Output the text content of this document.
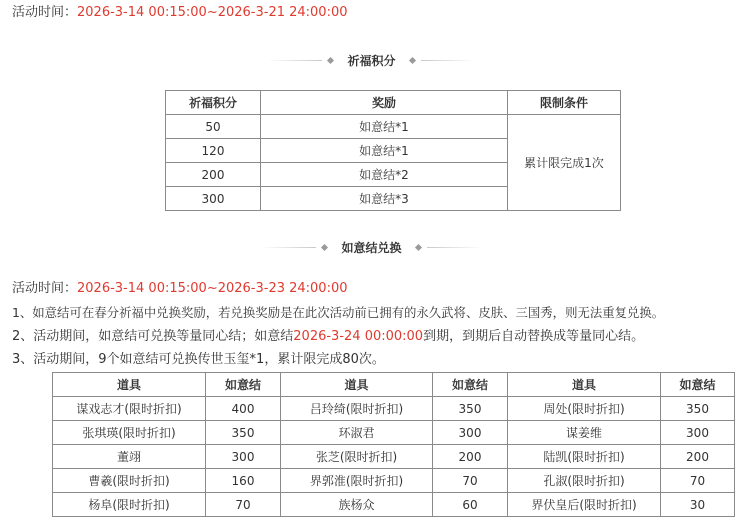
活动时间：2026-3-14 00:15:00~2026-3-21 24:00:00
祈福积分
祈福积分	奖励	限制条件
50	如意结*1	累计限完成1次
120	如意结*1	
200	如意结*2	
300	如意结*3	
如意结兑换
活动时间：2026-3-14 00:15:00~2026-3-23 24:00:00
1、如意结可在春分祈福中兑换奖励，若兑换奖励是在此次活动前已拥有的永久武将、皮肤、三国秀，则无法重复兑换。
2、活动期间，如意结可兑换等量同心结；如意结2026-3-24 00:00:00到期，到期后自动替换成等量同心结。
3、活动期间，9个如意结可兑换传世玉玺*1，累计限完成80次。
道具	如意结	道具	如意结	道具	如意结
谋戏志才(限时折扣)	400	吕玲绮(限时折扣)	350	周处(限时折扣)	350
张琪瑛(限时折扣)	350	环淑君	300	谋姜维	300
董翊	300	张芝(限时折扣)	200	陆凯(限时折扣)	200
曹羲(限时折扣)	160	界郭淮(限时折扣)	70	孔淑(限时折扣)	70
杨阜(限时折扣)	70	族杨众	60	界伏皇后(限时折扣)	30
